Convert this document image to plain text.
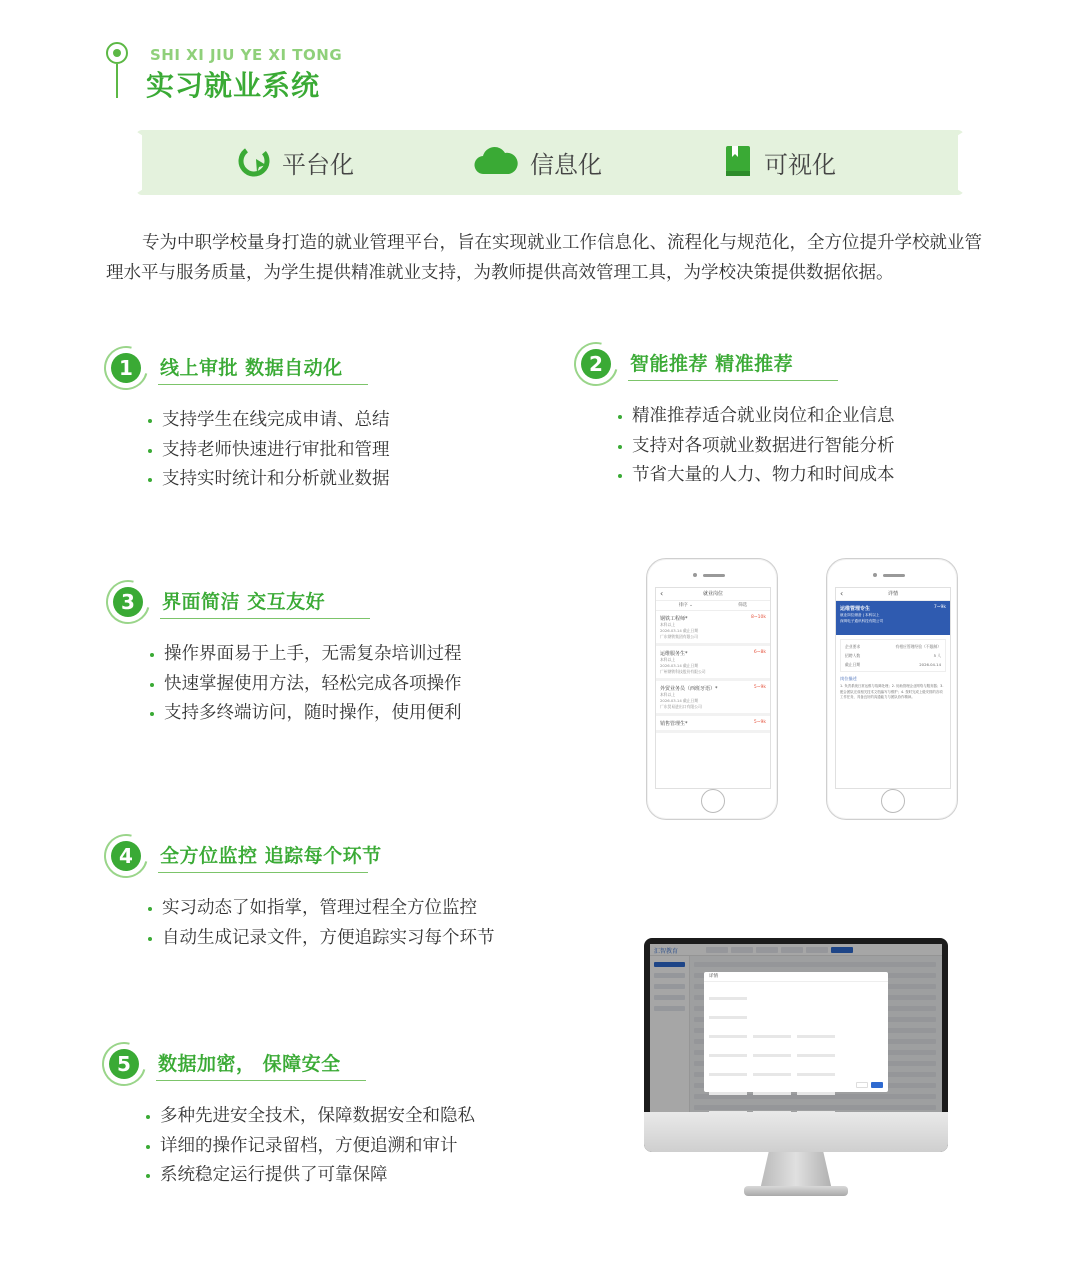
SHI XI JIU YE XI TONG
实习就业系统
平台化	信息化	可视化

专为中职学校量身打造的就业管理平台，旨在实现就业工作信息化、流程化与规范化，全方位提升学校就业管理水平与服务质量，为学生提供精准就业支持，为教师提供高效管理工具，为学校决策提供数据依据。

1	线上审批 数据自动化
支持学生在线完成申请、总结
支持老师快速进行审批和管理
支持实时统计和分析就业数据
2	智能推荐 精准推荐
精准推荐适合就业岗位和企业信息
支持对各项就业数据进行智能分析
节省大量的人力、物力和时间成本
3	界面简洁 交互友好
操作界面易于上手，无需复杂培训过程
快速掌握使用方法，轻松完成各项操作
支持多终端访问，随时操作，使用便利
4	全方位监控 追踪每个环节
实习动态了如指掌，管理过程全方位监控
自动生成记录文件，方便追踪实习每个环节
5	数据加密， 保障安全
多种先进安全技术，保障数据安全和隐私
详细的操作记录留档，方便追溯和审计
系统稳定运行提供了可靠保障
‹ 就业岗位
排序 ⌄	筛选
钢铁工程师*	8~10k
本科以上
2026.03.14 截止日期
广东钢铁集团有限公司
运维服务生*	6~8k
本科以上
2026.03.14 截止日期
广州钢铁科技股份有限公司
外贸业务员（西班牙语）*	5~9k
本科以上
2026.03.14 截止日期
广东贸易进出口有限公司
销售管理生*	5~9k
‹ 详情
运维管理专生	7~9k
就业岗位储备 | 本科以上
深圳电子通讯科技有限公司
企业要求	有相应管理经验（不限制）
招聘人数	5 人
截止日期	2026.04.14
岗位描述
1. 负责系统日常运维与故障处理；2. 协助管理企业网络与服务器；3. 配合团队完成相关技术文档编写与维护；4. 按时完成上级安排的各项工作任务，具备良好的沟通能力与团队协作精神。
汇智教育
详情
